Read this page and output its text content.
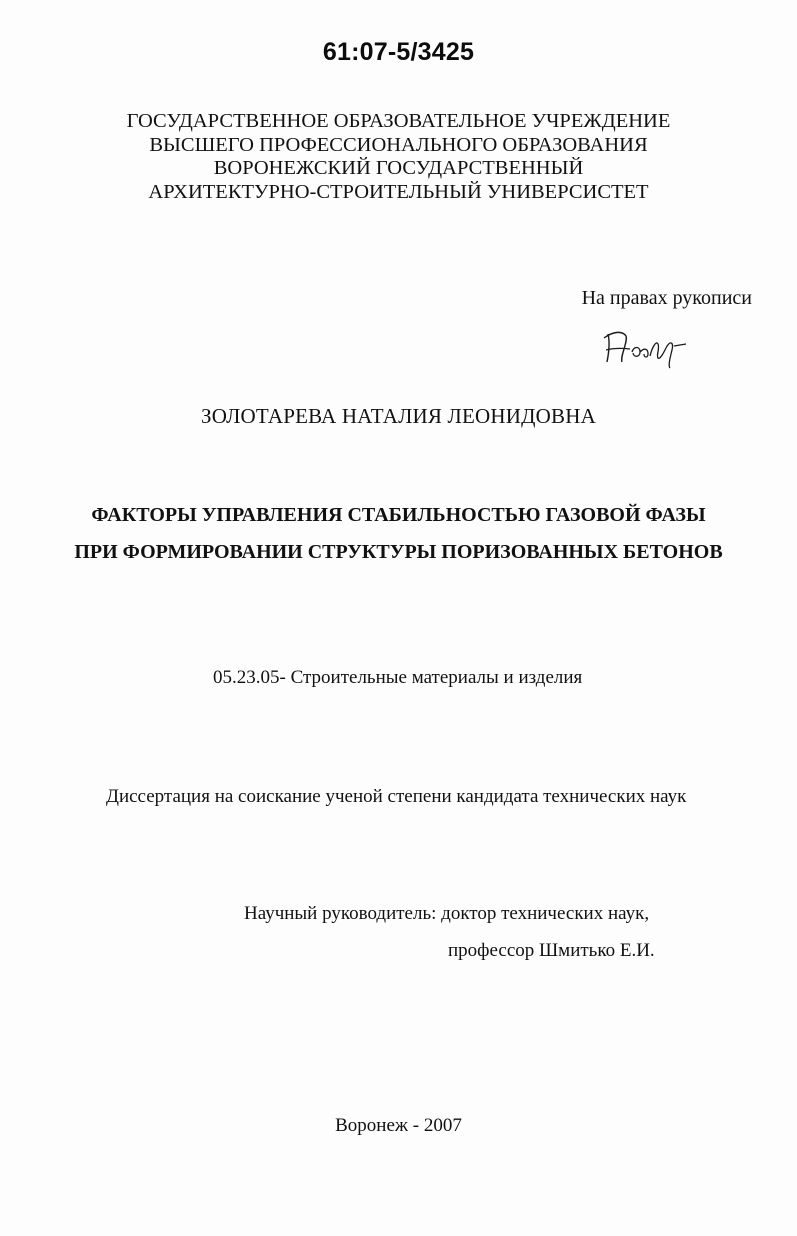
61:07-5/3425
ГОСУДАРСТВЕННОЕ ОБРАЗОВАТЕЛЬНОЕ УЧРЕЖДЕНИЕ
ВЫСШЕГО ПРОФЕССИОНАЛЬНОГО ОБРАЗОВАНИЯ
ВОРОНЕЖСКИЙ ГОСУДАРСТВЕННЫЙ
АРХИТЕКТУРНО-СТРОИТЕЛЬНЫЙ УНИВЕРСИСТЕТ
На правах рукописи
ЗОЛОТАРЕВА НАТАЛИЯ ЛЕОНИДОВНА
ФАКТОРЫ УПРАВЛЕНИЯ СТАБИЛЬНОСТЬЮ ГАЗОВОЙ ФАЗЫ
ПРИ ФОРМИРОВАНИИ СТРУКТУРЫ ПОРИЗОВАННЫХ БЕТОНОВ
05.23.05- Строительные материалы и изделия
Диссертация на соискание ученой степени кандидата технических наук
Научный руководитель: доктор технических наук,
профессор Шмитько Е.И.
Воронеж - 2007
